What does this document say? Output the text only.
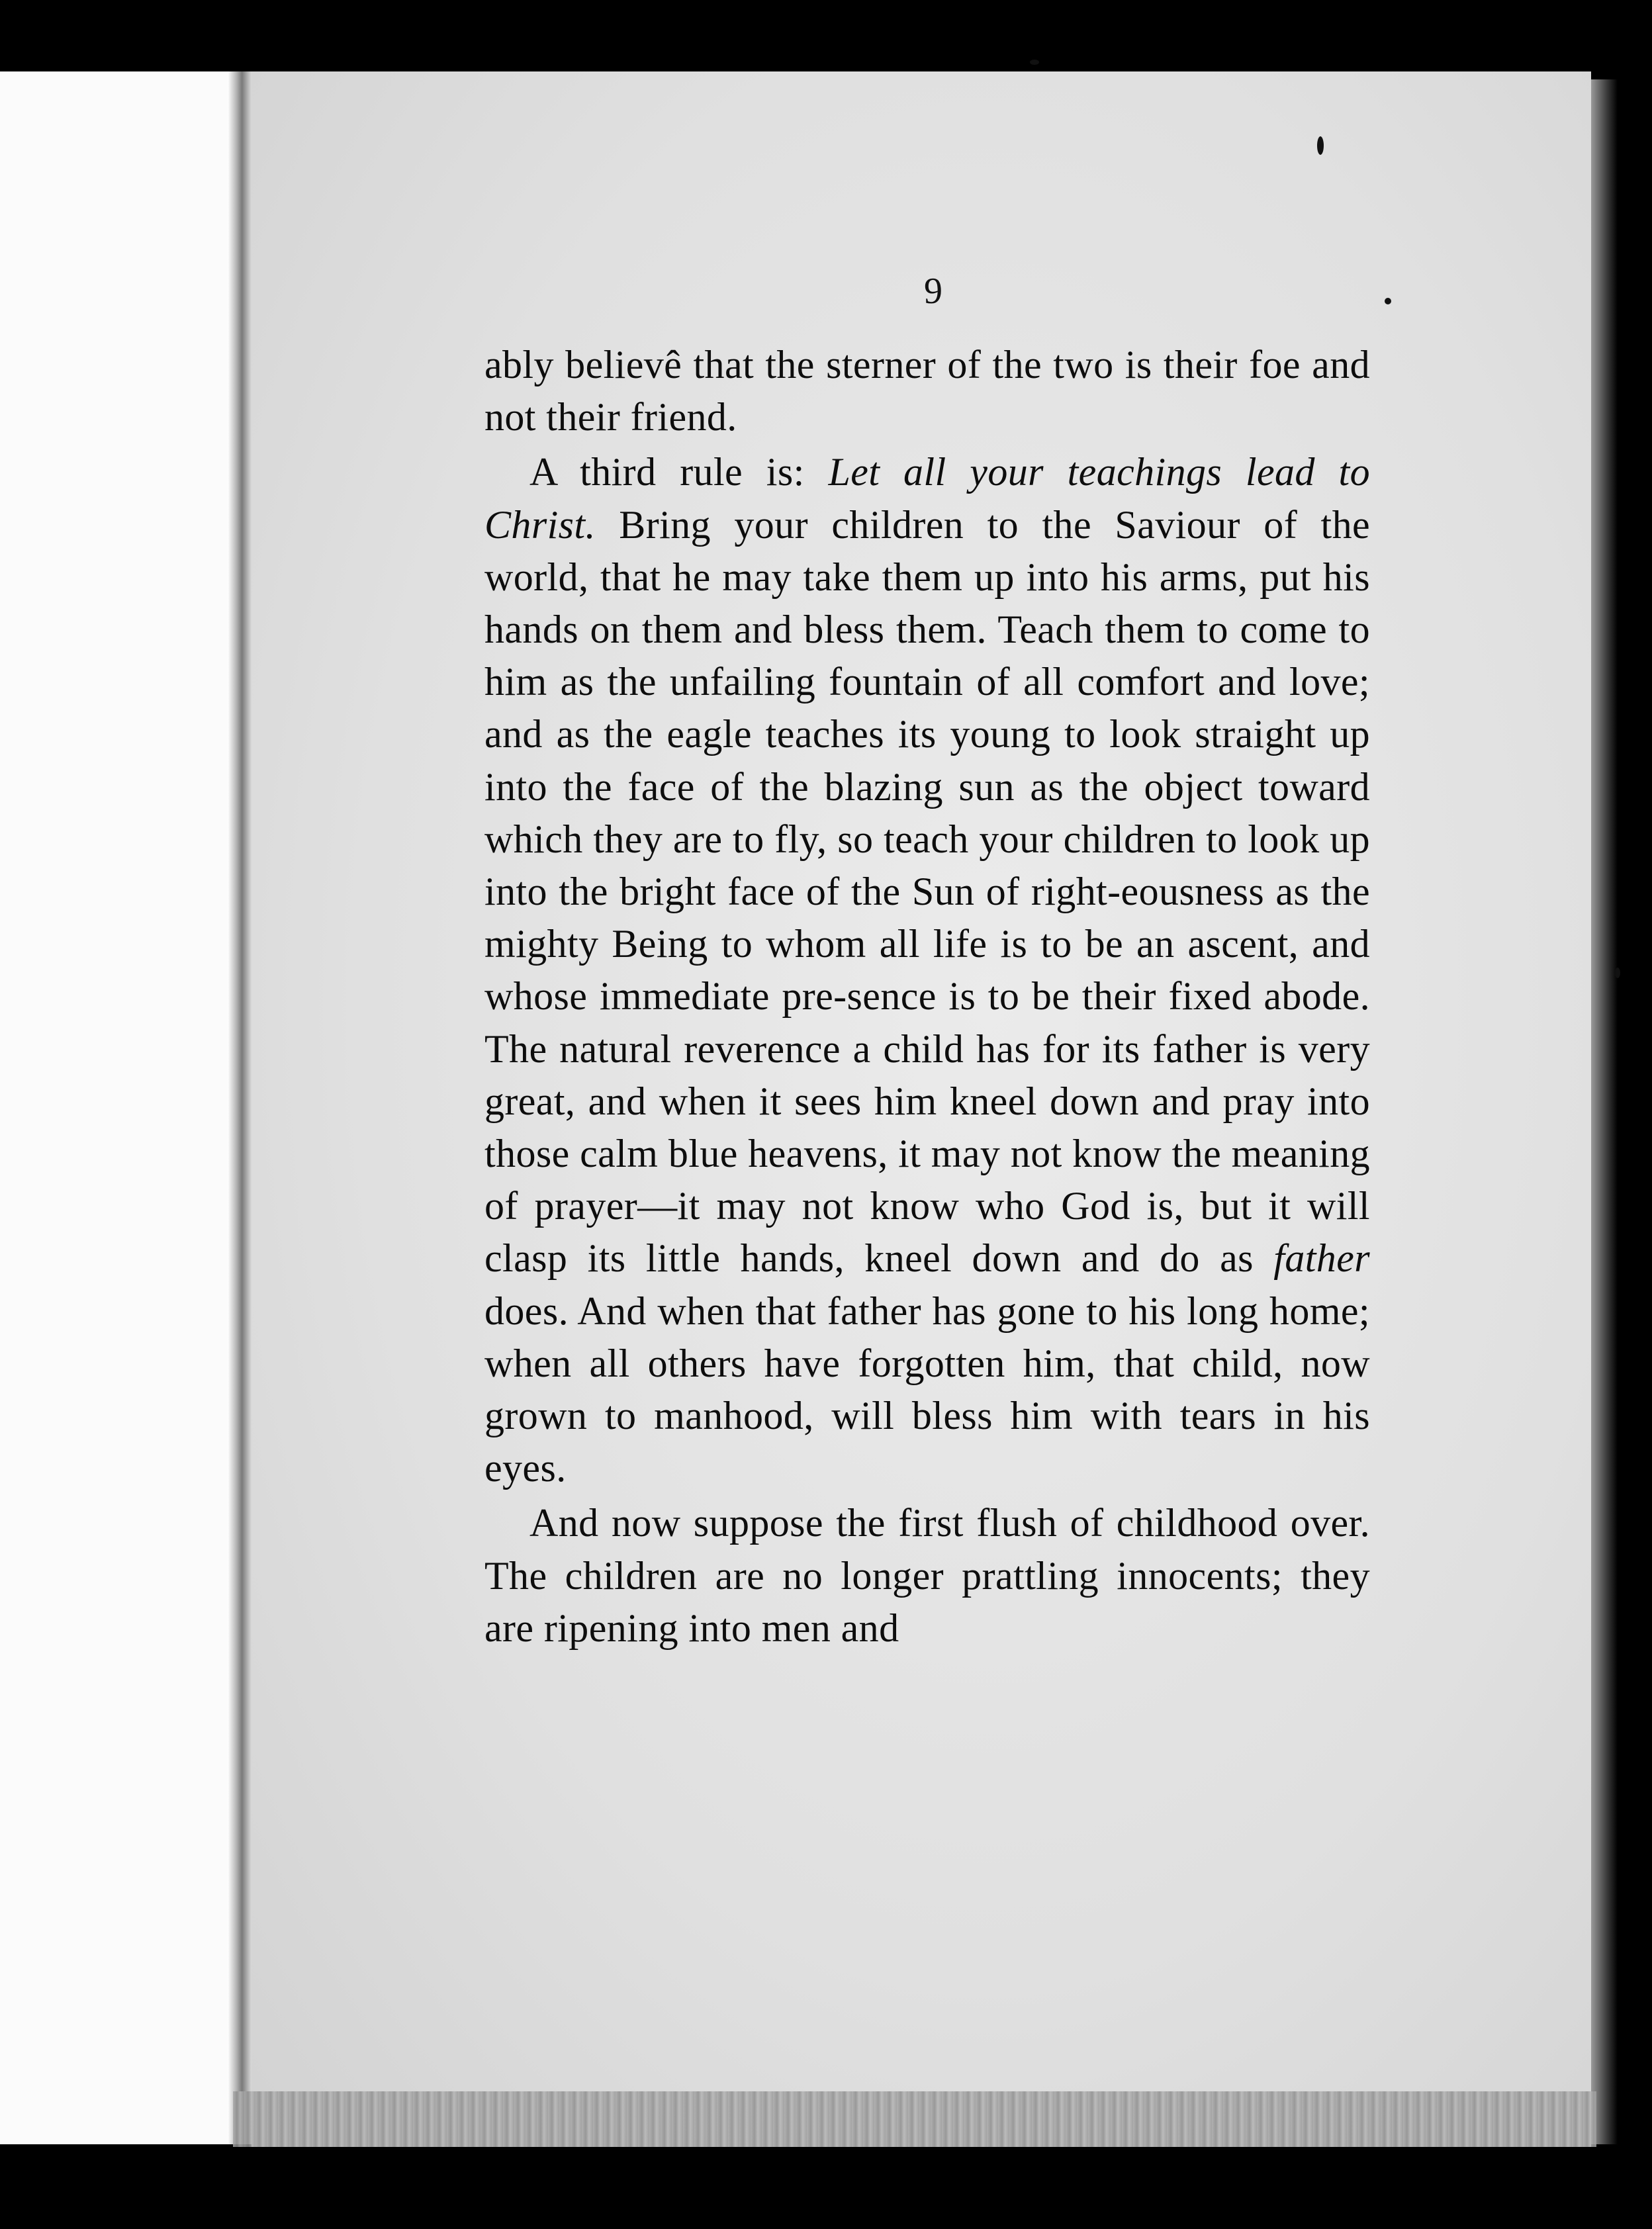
9

ably believê that the sterner of the two is their foe and not their friend.

A third rule is: Let all your teachings lead to Christ. Bring your children to the Saviour of the world, that he may take them up into his arms, put his hands on them and bless them. Teach them to come to him as the unfailing fountain of all comfort and love; and as the eagle teaches its young to look straight up into the face of the blazing sun as the object toward which they are to fly, so teach your children to look up into the bright face of the Sun of right-eousness as the mighty Being to whom all life is to be an ascent, and whose immediate pre-sence is to be their fixed abode. The natural reverence a child has for its father is very great, and when it sees him kneel down and pray into those calm blue heavens, it may not know the meaning of prayer—it may not know who God is, but it will clasp its little hands, kneel down and do as father does. And when that father has gone to his long home; when all others have forgotten him, that child, now grown to manhood, will bless him with tears in his eyes.

And now suppose the first flush of childhood over. The children are no longer prattling innocents; they are ripening into men and
